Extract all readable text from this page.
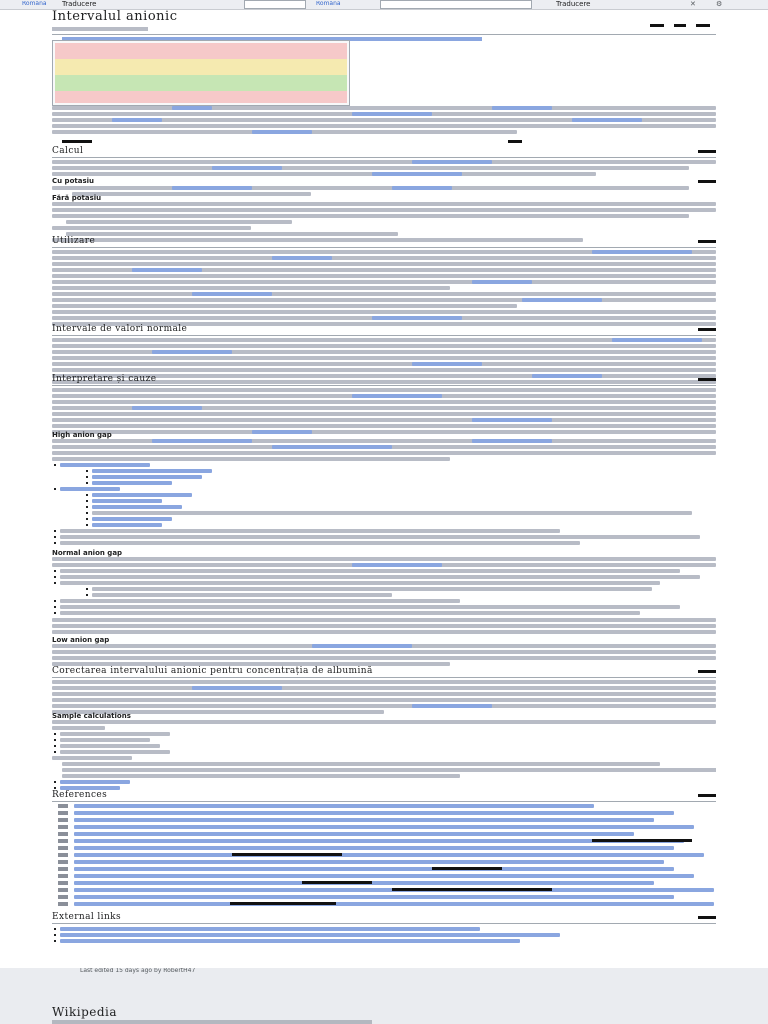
Română	Traducere	Română	Traducere	✕	⚙
Intervalul anionic
Calcul
Cu potasiu
Fără potasiu
Utilizare
Intervale de valori normale
Interpretare și cauze
High anion gap
Normal anion gap
Low anion gap
Corectarea intervalului anionic pentru concentrația de albumină
Sample calculations
References
External links
Last edited 15 days ago by RobertH47
Wikipedia
